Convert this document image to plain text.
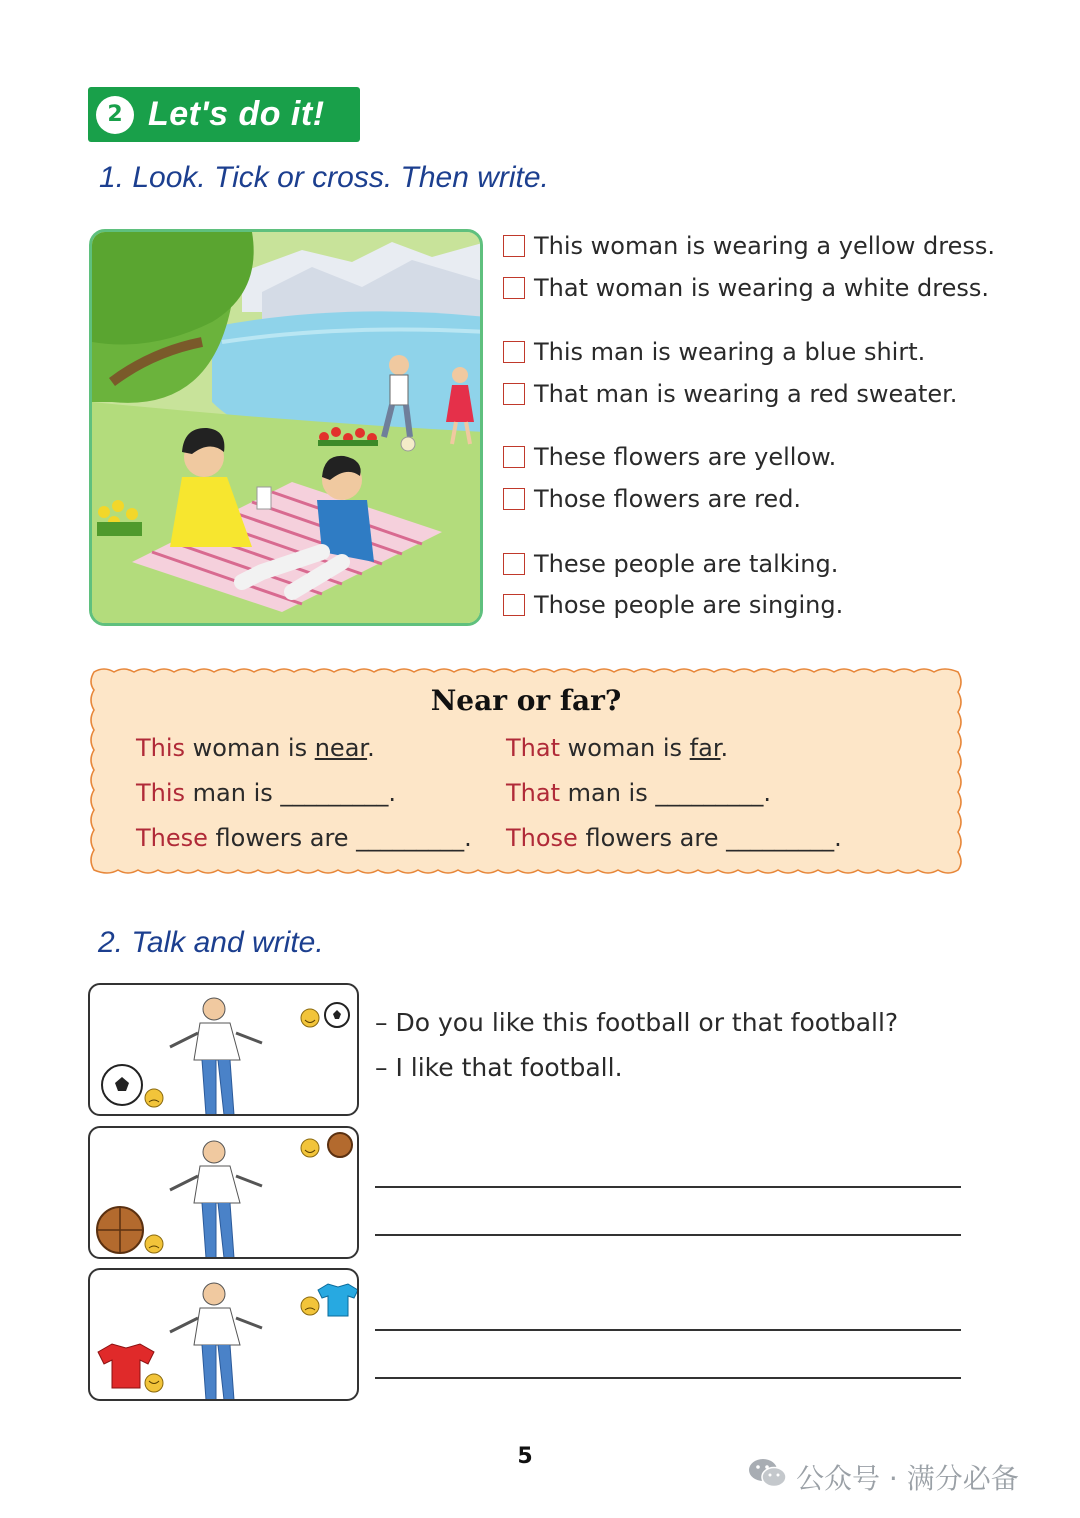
2 Let's do it!
1. Look. Tick or cross. Then write.
This woman is wearing a yellow dress.
That woman is wearing a white dress.
This man is wearing a blue shirt.
That man is wearing a red sweater.
These flowers are yellow.
Those flowers are red.
These people are talking.
Those people are singing.
Near or far?
This woman is near.
This man is _________.
These flowers are _________.
That woman is far.
That man is _________.
Those flowers are _________.
2. Talk and write.
– Do you like this football or that football?
– I like that football.
5
公众号 · 满分必备
